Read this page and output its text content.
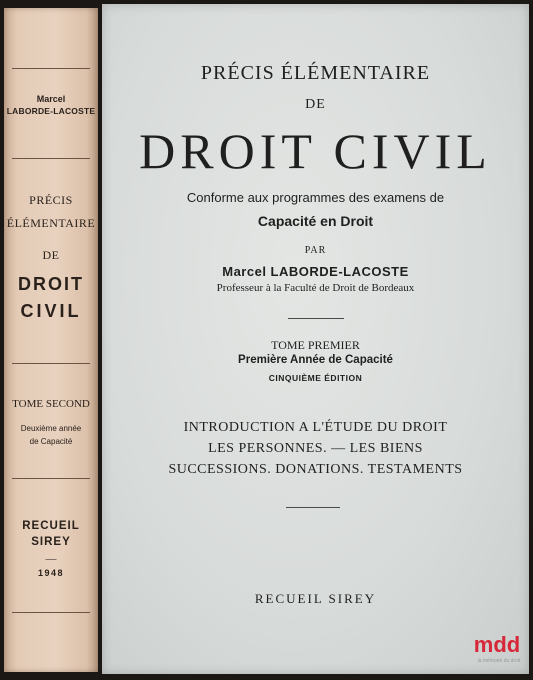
Marcel
LABORDE-LACOSTE
PRÉCIS
ÉLÉMENTAIRE
DE
DROIT
CIVIL
TOME SECOND
Deuxième année
de Capacité
RECUEIL
SIREY
—
1948
PRÉCIS ÉLÉMENTAIRE
DE
DROIT CIVIL
Conforme aux programmes des examens de
Capacité en Droit
PAR
Marcel LABORDE-LACOSTE
Professeur à la Faculté de Droit de Bordeaux
TOME PREMIER
Première Année de Capacité
CINQUIÈME ÉDITION
INTRODUCTION A L'ÉTUDE DU DROIT
LES PERSONNES. — LES BIENS
SUCCESSIONS. DONATIONS. TESTAMENTS
RECUEIL SIREY
mdd
la mémoire du droit
